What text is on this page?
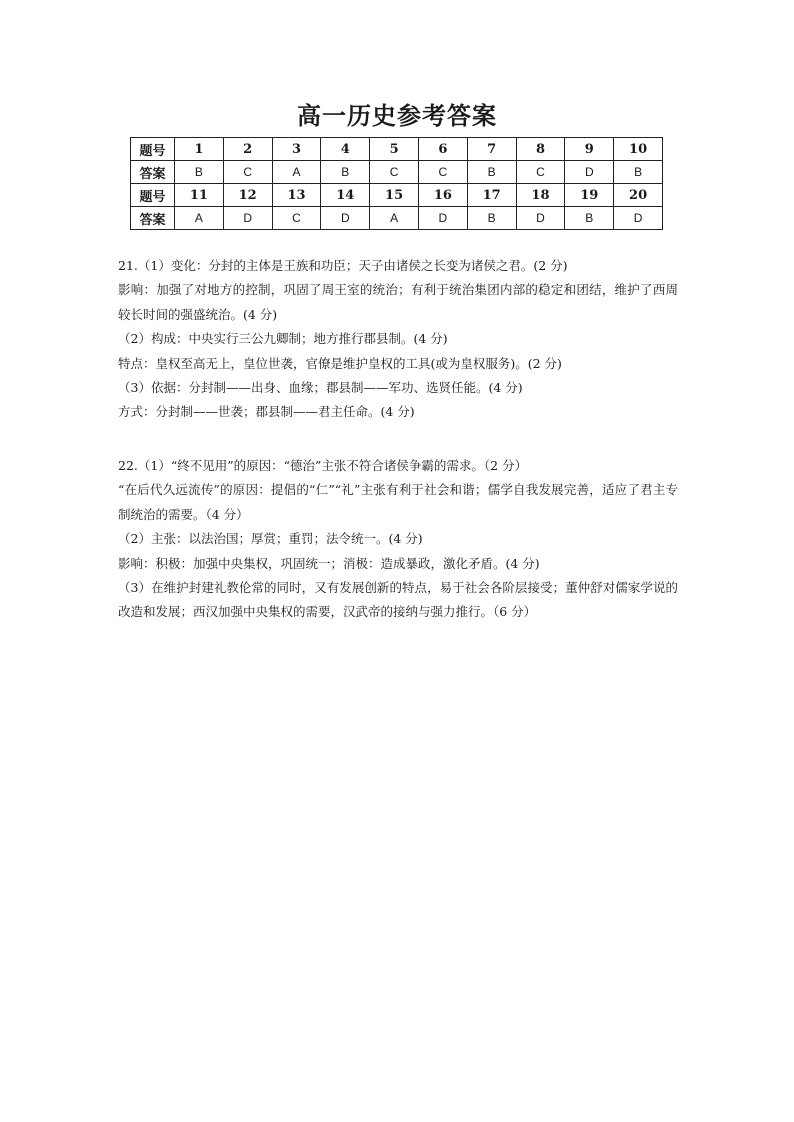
高一历史参考答案
题号	1	2	3	4	5	6	7	8	9	10
答案	B	C	A	B	C	C	B	C	D	B
题号	11	12	13	14	15	16	17	18	19	20
答案	A	D	C	D	A	D	B	D	B	D

21.（1）变化：分封的主体是王族和功臣；天子由诸侯之长变为诸侯之君。(2 分)

影响：加强了对地方的控制，巩固了周王室的统治；有利于统治集团内部的稳定和团结，维护了西周较长时间的强盛统治。(4 分)

（2）构成：中央实行三公九卿制；地方推行郡县制。(4 分)

特点：皇权至高无上，皇位世袭，官僚是维护皇权的工具(或为皇权服务)。(2 分)

（3）依据：分封制——出身、血缘；郡县制——军功、选贤任能。(4 分)

方式：分封制——世袭；郡县制——君主任命。(4 分)

22.（1）“终不见用”的原因：“德治”主张不符合诸侯争霸的需求。（2 分）

“在后代久远流传”的原因：提倡的“仁”“礼”主张有利于社会和谐；儒学自我发展完善，适应了君主专制统治的需要。（4 分）

（2）主张：以法治国；厚赏；重罚；法令统一。(4 分)

影响：积极：加强中央集权，巩固统一；消极：造成暴政，激化矛盾。(4 分)

（3）在维护封建礼教伦常的同时，又有发展创新的特点，易于社会各阶层接受；董仲舒对儒家学说的改造和发展；西汉加强中央集权的需要，汉武帝的接纳与强力推行。（6 分）
